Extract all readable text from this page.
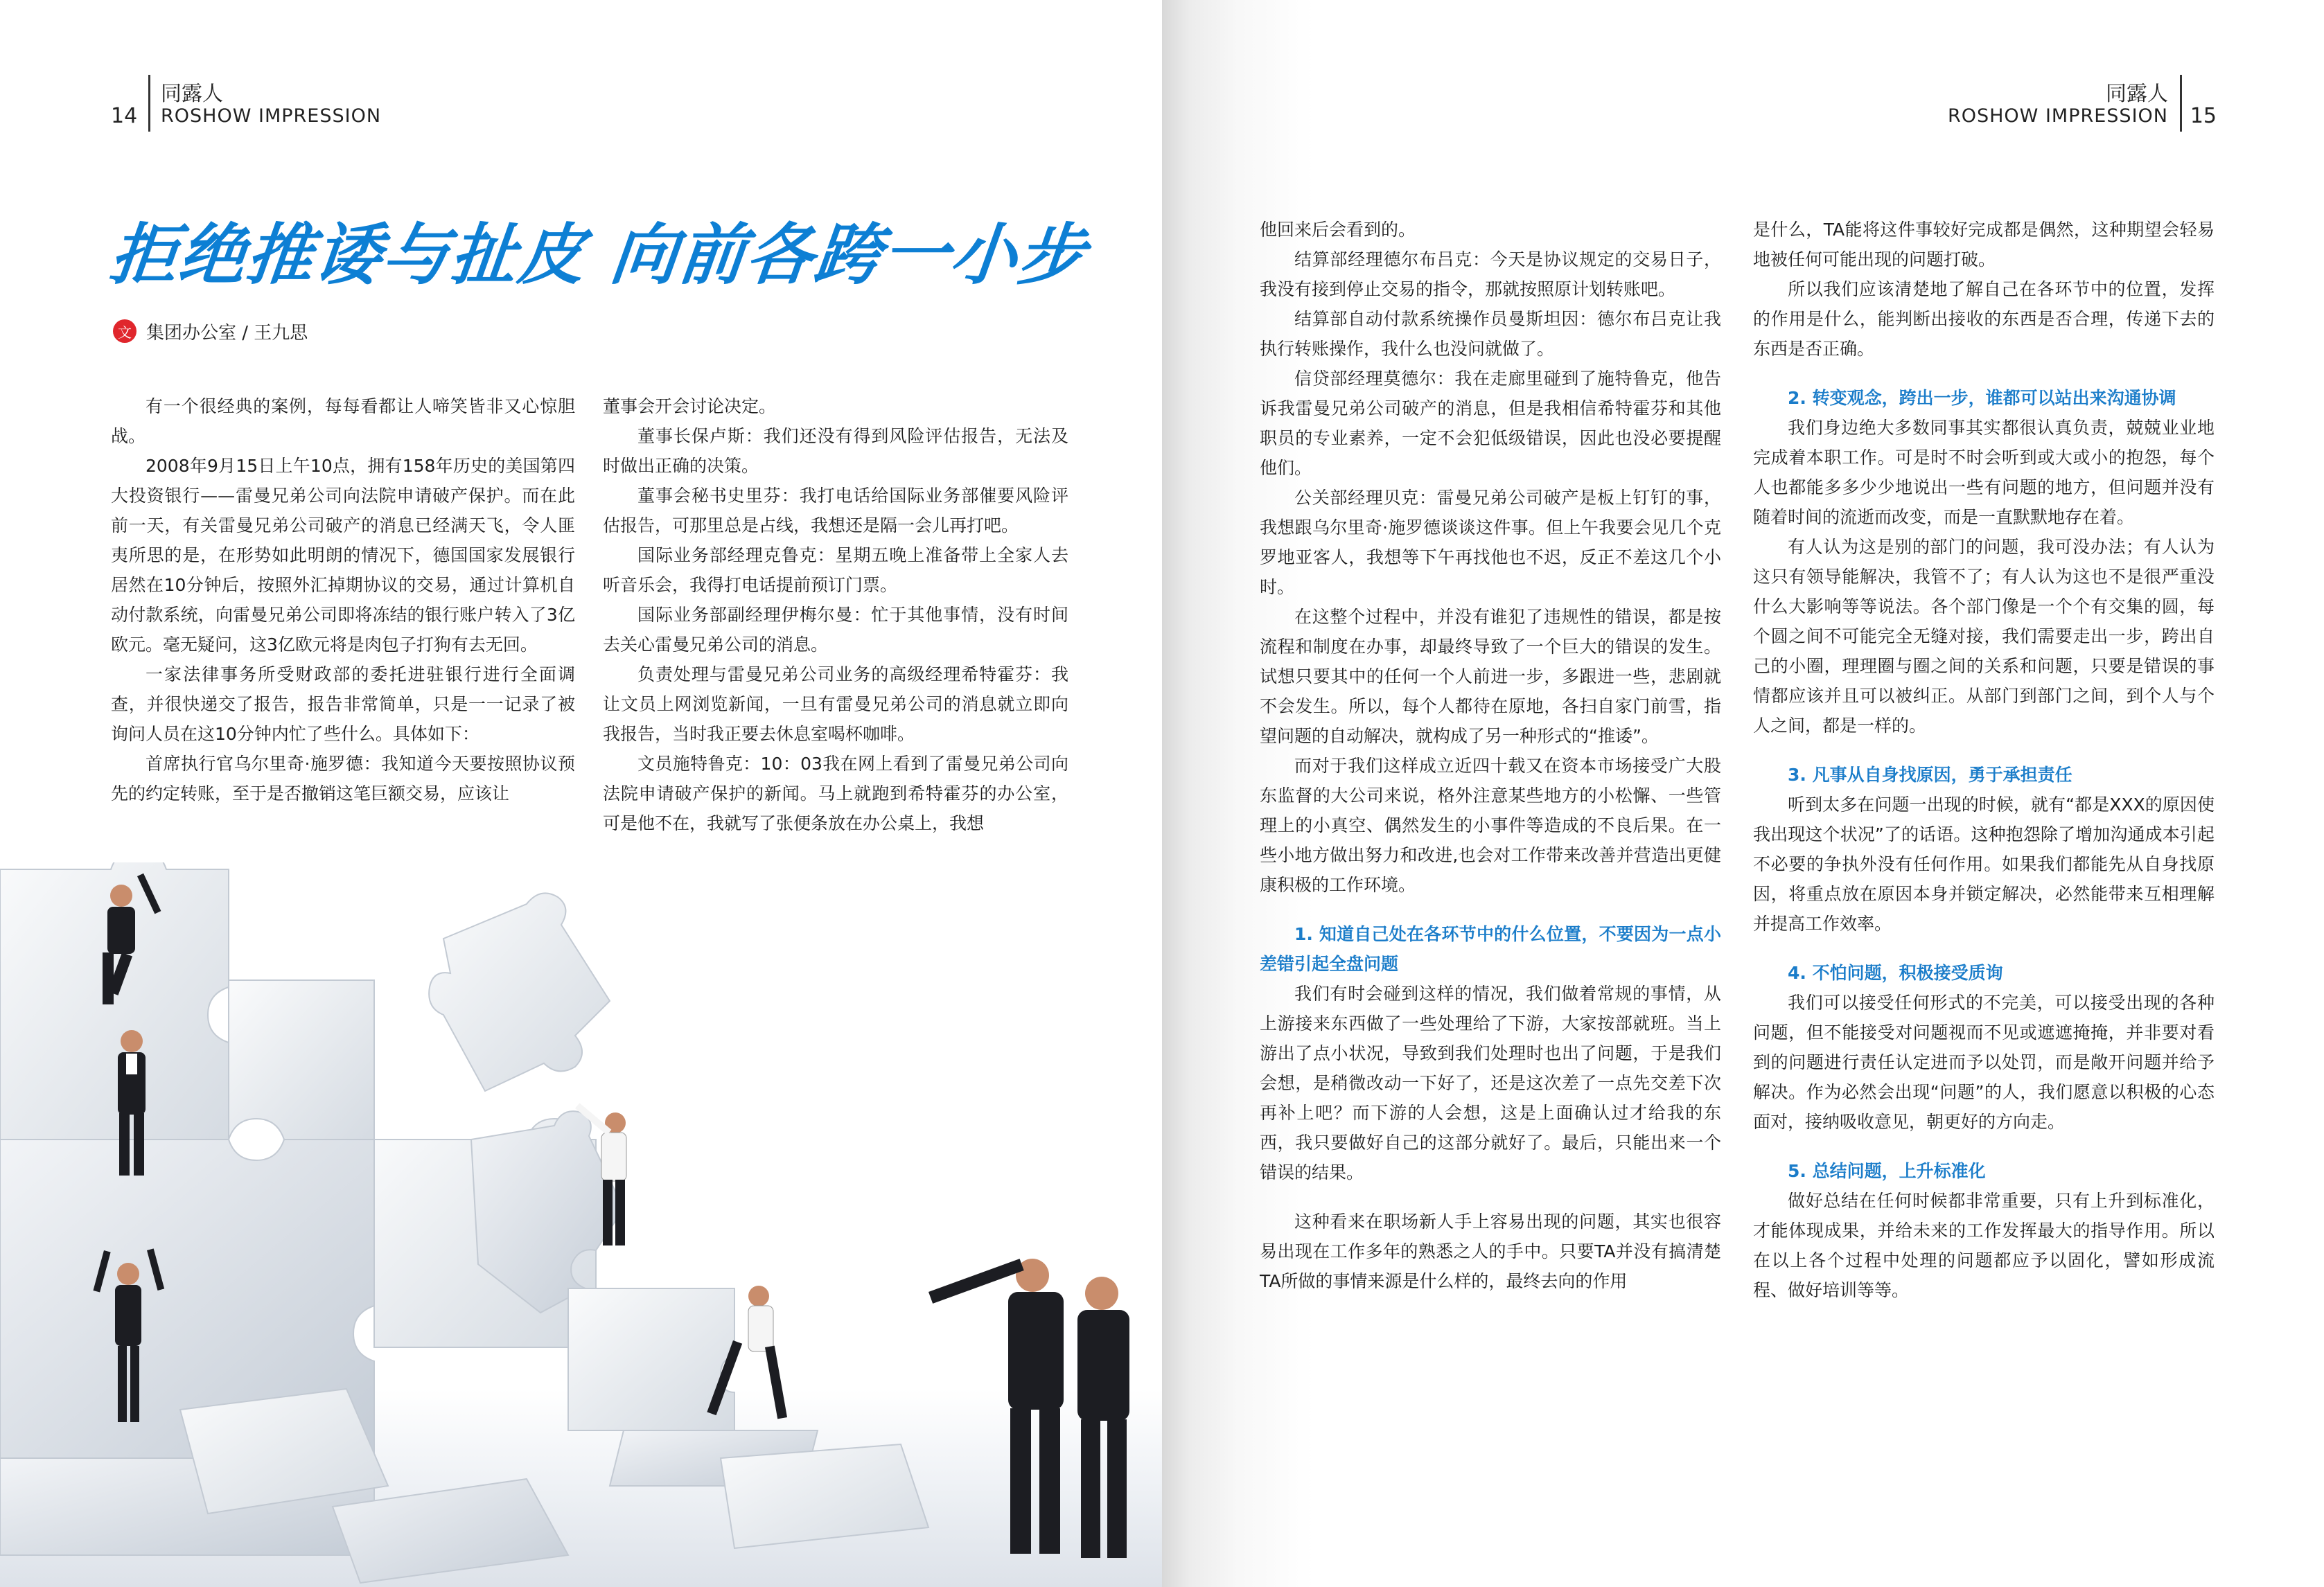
14
同露人
ROSHOW IMPRESSION
拒绝推诿与扯皮 向前各跨一小步
文 集团办公室 / 王九思

有一个很经典的案例，每每看都让人啼笑皆非又心惊胆战。

2008年9月15日上午10点，拥有158年历史的美国第四大投资银行——雷曼兄弟公司向法院申请破产保护。而在此前一天，有关雷曼兄弟公司破产的消息已经满天飞，令人匪夷所思的是，在形势如此明朗的情况下，德国国家发展银行居然在10分钟后，按照外汇掉期协议的交易，通过计算机自动付款系统，向雷曼兄弟公司即将冻结的银行账户转入了3亿欧元。毫无疑问，这3亿欧元将是肉包子打狗有去无回。

一家法律事务所受财政部的委托进驻银行进行全面调查，并很快递交了报告，报告非常简单，只是一一记录了被询问人员在这10分钟内忙了些什么。具体如下：

首席执行官乌尔里奇·施罗德：我知道今天要按照协议预先的约定转账，至于是否撤销这笔巨额交易，应该让

董事会开会讨论决定。

董事长保卢斯：我们还没有得到风险评估报告，无法及时做出正确的决策。

董事会秘书史里芬：我打电话给国际业务部催要风险评估报告，可那里总是占线，我想还是隔一会儿再打吧。

国际业务部经理克鲁克：星期五晚上准备带上全家人去听音乐会，我得打电话提前预订门票。

国际业务部副经理伊梅尔曼：忙于其他事情，没有时间去关心雷曼兄弟公司的消息。

负责处理与雷曼兄弟公司业务的高级经理希特霍芬：我让文员上网浏览新闻，一旦有雷曼兄弟公司的消息就立即向我报告，当时我正要去休息室喝杯咖啡。

文员施特鲁克：10：03我在网上看到了雷曼兄弟公司向法院申请破产保护的新闻。马上就跑到希特霍芬的办公室，可是他不在，我就写了张便条放在办公桌上，我想

15
同露人
ROSHOW IMPRESSION

他回来后会看到的。

结算部经理德尔布吕克：今天是协议规定的交易日子，我没有接到停止交易的指令，那就按照原计划转账吧。

结算部自动付款系统操作员曼斯坦因：德尔布吕克让我执行转账操作，我什么也没问就做了。

信贷部经理莫德尔：我在走廊里碰到了施特鲁克，他告诉我雷曼兄弟公司破产的消息，但是我相信希特霍芬和其他职员的专业素养，一定不会犯低级错误，因此也没必要提醒他们。

公关部经理贝克：雷曼兄弟公司破产是板上钉钉的事，我想跟乌尔里奇·施罗德谈谈这件事。但上午我要会见几个克罗地亚客人，我想等下午再找他也不迟，反正不差这几个小时。

在这整个过程中，并没有谁犯了违规性的错误，都是按流程和制度在办事，却最终导致了一个巨大的错误的发生。试想只要其中的任何一个人前进一步，多跟进一些，悲剧就不会发生。所以，每个人都待在原地，各扫自家门前雪，指望问题的自动解决，就构成了另一种形式的“推诿”。

而对于我们这样成立近四十载又在资本市场接受广大股东监督的大公司来说，格外注意某些地方的小松懈、一些管理上的小真空、偶然发生的小事件等造成的不良后果。在一些小地方做出努力和改进,也会对工作带来改善并营造出更健康积极的工作环境。

1. 知道自己处在各环节中的什么位置，不要因为一点小差错引起全盘问题

我们有时会碰到这样的情况，我们做着常规的事情，从上游接来东西做了一些处理给了下游，大家按部就班。当上游出了点小状况，导致到我们处理时也出了问题，于是我们会想，是稍微改动一下好了，还是这次差了一点先交差下次再补上吧？而下游的人会想，这是上面确认过才给我的东西，我只要做好自己的这部分就好了。最后，只能出来一个错误的结果。

这种看来在职场新人手上容易出现的问题，其实也很容易出现在工作多年的熟悉之人的手中。只要TA并没有搞清楚TA所做的事情来源是什么样的，最终去向的作用

是什么，TA能将这件事较好完成都是偶然，这种期望会轻易地被任何可能出现的问题打破。

所以我们应该清楚地了解自己在各环节中的位置，发挥的作用是什么，能判断出接收的东西是否合理，传递下去的东西是否正确。

2. 转变观念，跨出一步，谁都可以站出来沟通协调

我们身边绝大多数同事其实都很认真负责，兢兢业业地完成着本职工作。可是时不时会听到或大或小的抱怨，每个人也都能多多少少地说出一些有问题的地方，但问题并没有随着时间的流逝而改变，而是一直默默地存在着。

有人认为这是别的部门的问题，我可没办法；有人认为这只有领导能解决，我管不了；有人认为这也不是很严重没什么大影响等等说法。各个部门像是一个个有交集的圆，每个圆之间不可能完全无缝对接，我们需要走出一步，跨出自己的小圈，理理圈与圈之间的关系和问题，只要是错误的事情都应该并且可以被纠正。从部门到部门之间，到个人与个人之间，都是一样的。

3. 凡事从自身找原因，勇于承担责任

听到太多在问题一出现的时候，就有“都是XXX的原因使我出现这个状况”了的话语。这种抱怨除了增加沟通成本引起不必要的争执外没有任何作用。如果我们都能先从自身找原因，将重点放在原因本身并锁定解决，必然能带来互相理解并提高工作效率。

4. 不怕问题，积极接受质询

我们可以接受任何形式的不完美，可以接受出现的各种问题，但不能接受对问题视而不见或遮遮掩掩，并非要对看到的问题进行责任认定进而予以处罚，而是敞开问题并给予解决。作为必然会出现“问题”的人，我们愿意以积极的心态面对，接纳吸收意见，朝更好的方向走。

5. 总结问题，上升标准化

做好总结在任何时候都非常重要，只有上升到标准化，才能体现成果，并给未来的工作发挥最大的指导作用。所以在以上各个过程中处理的问题都应予以固化，譬如形成流程、做好培训等等。
